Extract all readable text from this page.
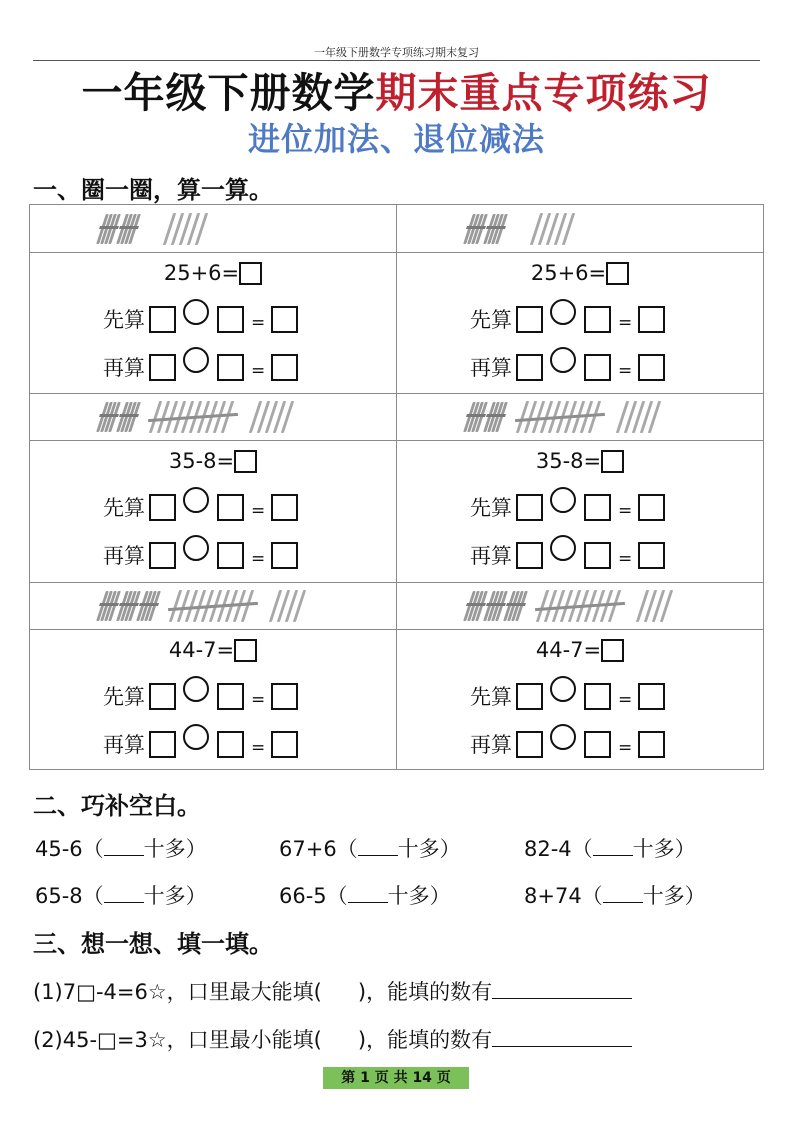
一年级下册数学专项练习期末复习
一年级下册数学期末重点专项练习
进位加法、退位减法
一、圈一圈，算一算。
25+6=
先算	=
再算	=
25+6=
先算	=
再算	=
35-8=
先算	=
再算	=
35-8=
先算	=
再算	=
44-7=
先算	=
再算	=
44-7=
先算	=
再算	=
二、巧补空白。
45-6（ 十多）	67+6（ 十多）	82-4（ 十多）
65-8（ 十多）	66-5（ 十多）	8+74（ 十多）
三、想一想、填一填。
(1)7□-4=6☆，口里最大能填( )，能填的数有
(2)45-□=3☆，口里最小能填( )，能填的数有
第 1 页 共 14 页
